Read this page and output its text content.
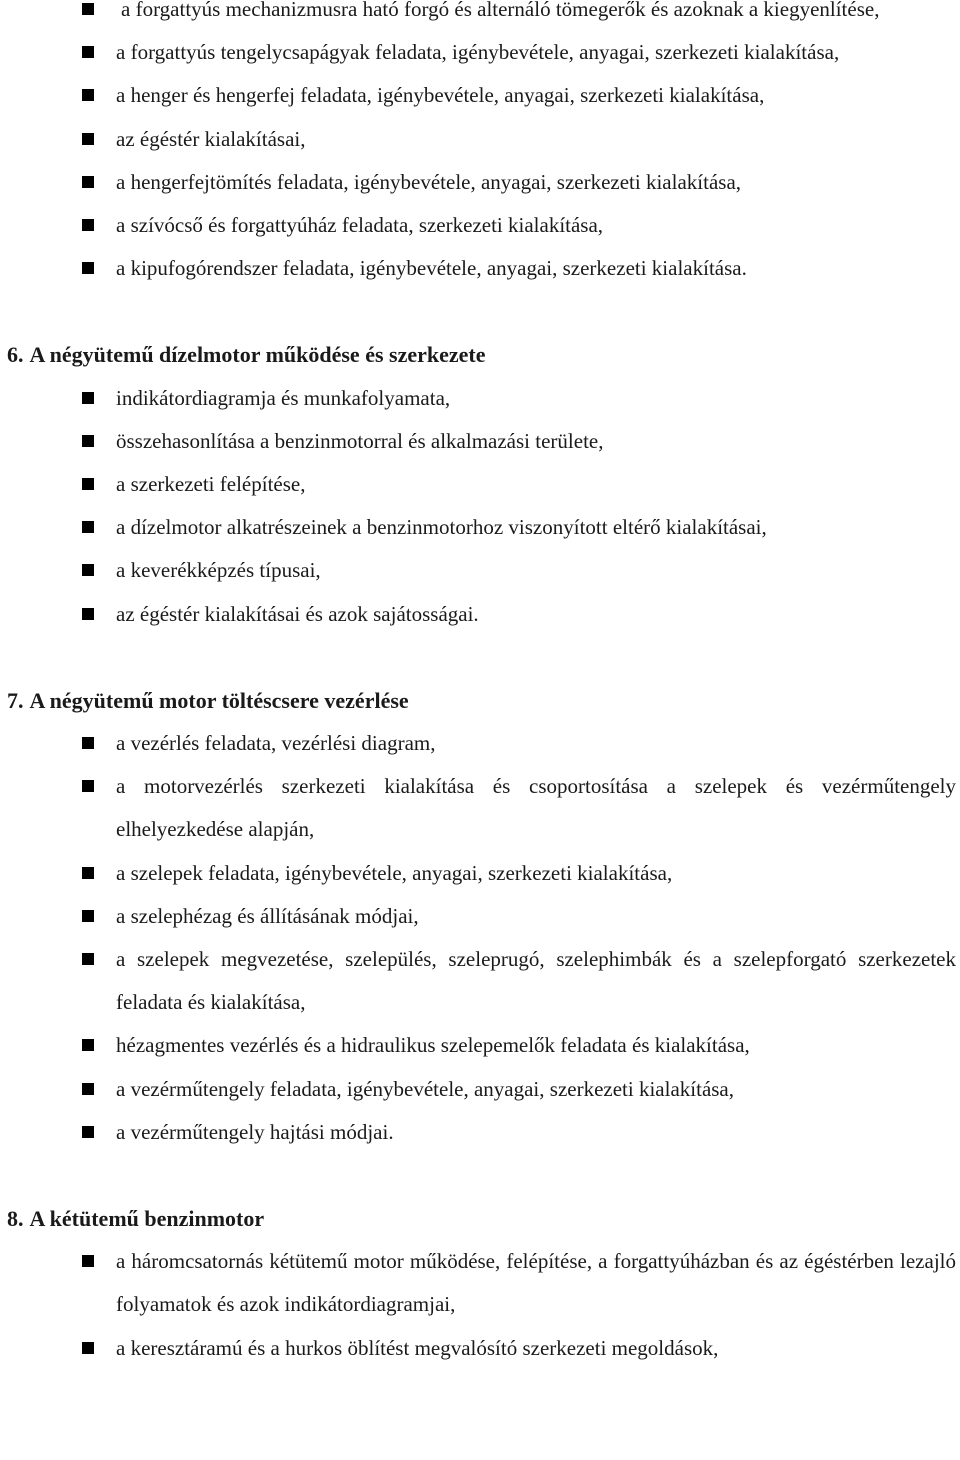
a forgattyús mechanizmusra ható forgó és alternáló tömegerők és azoknak a kiegyenlítése,
a forgattyús tengelycsapágyak feladata, igénybevétele, anyagai, szerkezeti kialakítása,
a henger és hengerfej feladata, igénybevétele, anyagai, szerkezeti kialakítása,
az égéstér kialakításai,
a hengerfejtömítés feladata, igénybevétele, anyagai, szerkezeti kialakítása,
a szívócső és forgattyúház feladata, szerkezeti kialakítása,
a kipufogórendszer feladata, igénybevétele, anyagai, szerkezeti kialakítása.
6. A négyütemű dízelmotor működése és szerkezete
indikátordiagramja és munkafolyamata,
összehasonlítása a benzinmotorral és alkalmazási területe,
a szerkezeti felépítése,
a dízelmotor alkatrészeinek a benzinmotorhoz viszonyított eltérő kialakításai,
a keverékképzés típusai,
az égéstér kialakításai és azok sajátosságai.
7. A négyütemű motor töltéscsere vezérlése
a vezérlés feladata, vezérlési diagram,
a motorvezérlés szerkezeti kialakítása és csoportosítása a szelepek és vezérműtengely elhelyezkedése alapján,
a szelepek feladata, igénybevétele, anyagai, szerkezeti kialakítása,
a szelephézag és állításának módjai,
a szelepek megvezetése, szelepülés, szeleprugó, szelephimbák és a szelepforgató szerkezetek feladata és kialakítása,
hézagmentes vezérlés és a hidraulikus szelepemelők feladata és kialakítása,
a vezérműtengely feladata, igénybevétele, anyagai, szerkezeti kialakítása,
a vezérműtengely hajtási módjai.
8. A kétütemű benzinmotor
a háromcsatornás kétütemű motor működése, felépítése, a forgattyúházban és az égéstérben lezajló folyamatok és azok indikátordiagramjai,
a keresztáramú és a hurkos öblítést megvalósító szerkezeti megoldások,
